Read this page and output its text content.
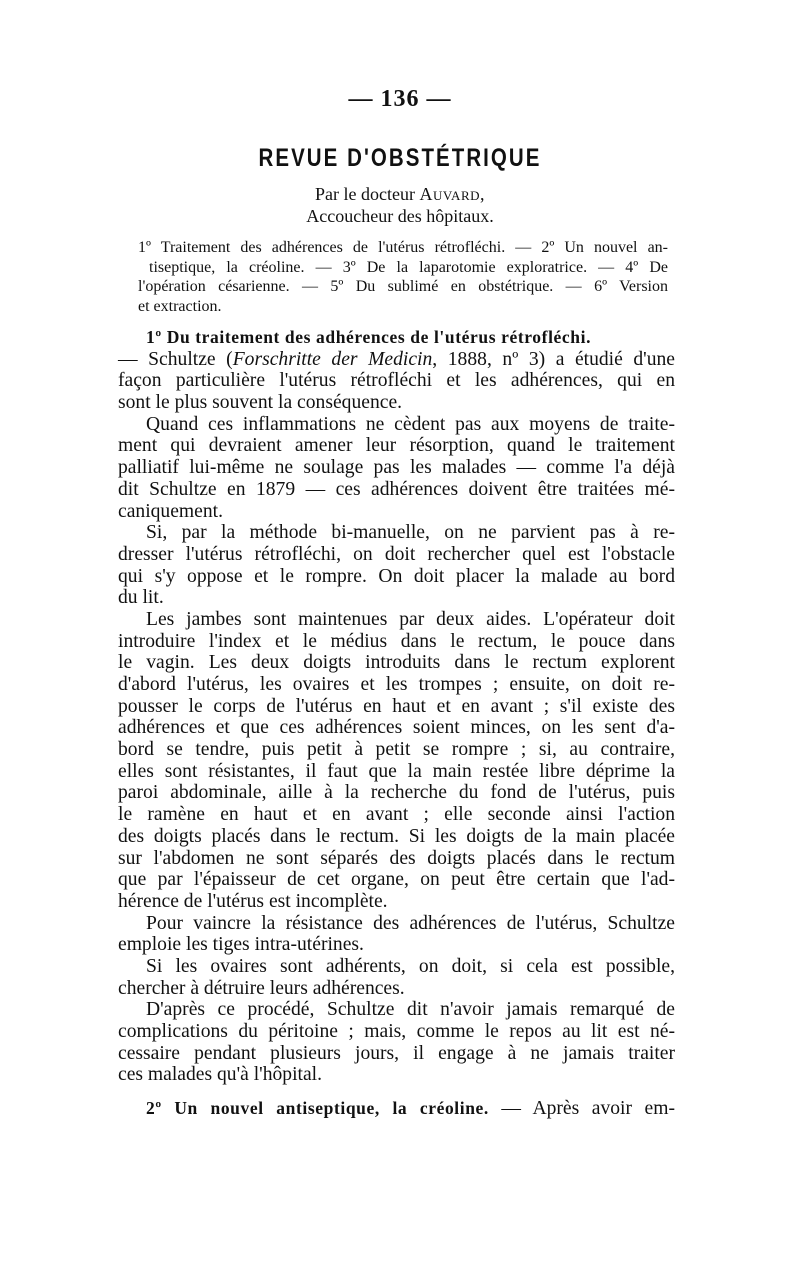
— 136 —
REVUE D'OBSTÉTRIQUE
Par le docteur Auvard,
Accoucheur des hôpitaux.
1º Traitement des adhérences de l'utérus rétrofléchi. — 2º Un nouvel an-
tiseptique, la créoline. — 3º De la laparotomie exploratrice. — 4º De
l'opération césarienne. — 5º Du sublimé en obstétrique. — 6º Version
et extraction.
1º Du traitement des adhérences de l'utérus rétrofléchi.
— Schultze (Forschritte der Medicin, 1888, nº 3) a étudié d'une
façon particulière l'utérus rétrofléchi et les adhérences, qui en
sont le plus souvent la conséquence.
Quand ces inflammations ne cèdent pas aux moyens de traite-
ment qui devraient amener leur résorption, quand le traitement
palliatif lui-même ne soulage pas les malades — comme l'a déjà
dit Schultze en 1879 — ces adhérences doivent être traitées mé-
caniquement.
Si, par la méthode bi-manuelle, on ne parvient pas à re-
dresser l'utérus rétrofléchi, on doit rechercher quel est l'obstacle
qui s'y oppose et le rompre. On doit placer la malade au bord
du lit.
Les jambes sont maintenues par deux aides. L'opérateur doit
introduire l'index et le médius dans le rectum, le pouce dans
le vagin. Les deux doigts introduits dans le rectum explorent
d'abord l'utérus, les ovaires et les trompes ; ensuite, on doit re-
pousser le corps de l'utérus en haut et en avant ; s'il existe des
adhérences et que ces adhérences soient minces, on les sent d'a-
bord se tendre, puis petit à petit se rompre ; si, au contraire,
elles sont résistantes, il faut que la main restée libre déprime la
paroi abdominale, aille à la recherche du fond de l'utérus, puis
le ramène en haut et en avant ; elle seconde ainsi l'action
des doigts placés dans le rectum. Si les doigts de la main placée
sur l'abdomen ne sont séparés des doigts placés dans le rectum
que par l'épaisseur de cet organe, on peut être certain que l'ad-
hérence de l'utérus est incomplète.
Pour vaincre la résistance des adhérences de l'utérus, Schultze
emploie les tiges intra-utérines.
Si les ovaires sont adhérents, on doit, si cela est possible,
chercher à détruire leurs adhérences.
D'après ce procédé, Schultze dit n'avoir jamais remarqué de
complications du péritoine ; mais, comme le repos au lit est né-
cessaire pendant plusieurs jours, il engage à ne jamais traiter
ces malades qu'à l'hôpital.
2º Un nouvel antiseptique, la créoline. — Après avoir em-
